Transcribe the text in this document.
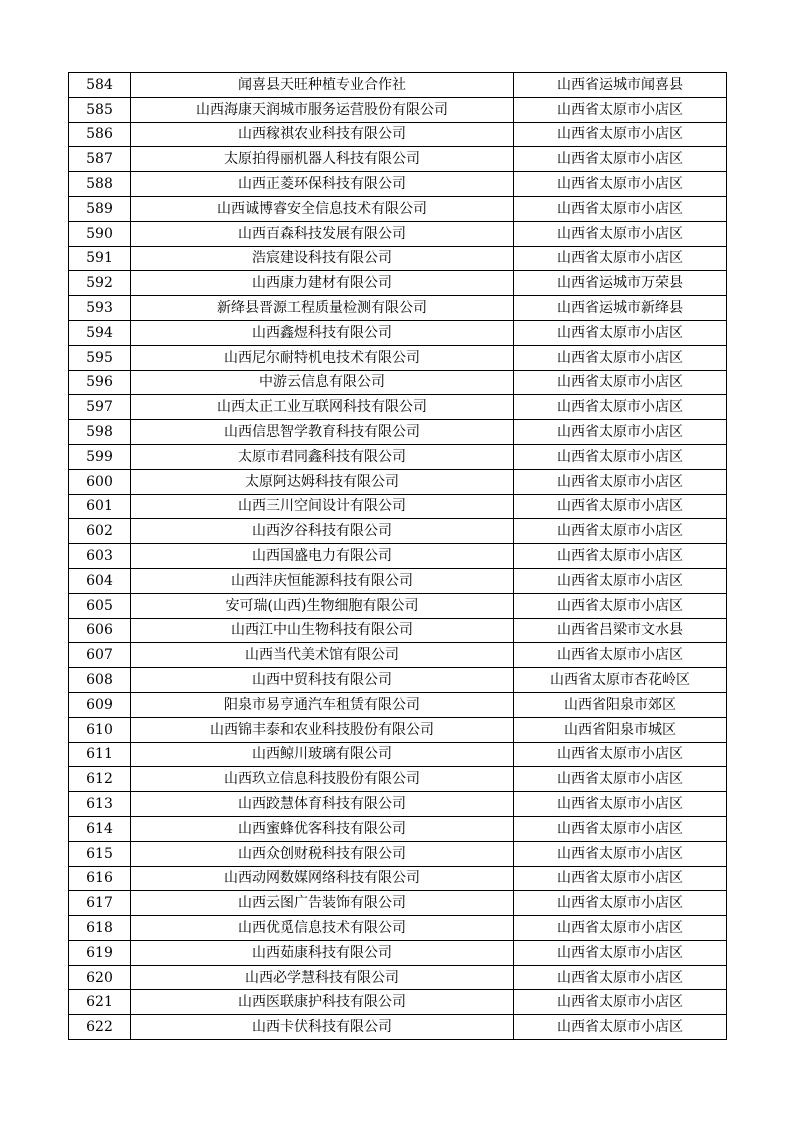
584	闻喜县天旺种植专业合作社	山西省运城市闻喜县
585	山西海康天润城市服务运营股份有限公司	山西省太原市小店区
586	山西稼祺农业科技有限公司	山西省太原市小店区
587	太原拍得丽机器人科技有限公司	山西省太原市小店区
588	山西正菱环保科技有限公司	山西省太原市小店区
589	山西诚博睿安全信息技术有限公司	山西省太原市小店区
590	山西百森科技发展有限公司	山西省太原市小店区
591	浩宸建设科技有限公司	山西省太原市小店区
592	山西康力建材有限公司	山西省运城市万荣县
593	新绛县晋源工程质量检测有限公司	山西省运城市新绛县
594	山西鑫煜科技有限公司	山西省太原市小店区
595	山西尼尔耐特机电技术有限公司	山西省太原市小店区
596	中游云信息有限公司	山西省太原市小店区
597	山西太正工业互联网科技有限公司	山西省太原市小店区
598	山西信思智学教育科技有限公司	山西省太原市小店区
599	太原市君同鑫科技有限公司	山西省太原市小店区
600	太原阿达姆科技有限公司	山西省太原市小店区
601	山西三川空间设计有限公司	山西省太原市小店区
602	山西汐谷科技有限公司	山西省太原市小店区
603	山西国盛电力有限公司	山西省太原市小店区
604	山西沣庆恒能源科技有限公司	山西省太原市小店区
605	安可瑞(山西)生物细胞有限公司	山西省太原市小店区
606	山西江中山生物科技有限公司	山西省吕梁市文水县
607	山西当代美术馆有限公司	山西省太原市小店区
608	山西中贸科技有限公司	山西省太原市杏花岭区
609	阳泉市易亨通汽车租赁有限公司	山西省阳泉市郊区
610	山西锦丰泰和农业科技股份有限公司	山西省阳泉市城区
611	山西鲸川玻璃有限公司	山西省太原市小店区
612	山西玖立信息科技股份有限公司	山西省太原市小店区
613	山西跤慧体育科技有限公司	山西省太原市小店区
614	山西蜜蜂优客科技有限公司	山西省太原市小店区
615	山西众创财税科技有限公司	山西省太原市小店区
616	山西动网数媒网络科技有限公司	山西省太原市小店区
617	山西云图广告装饰有限公司	山西省太原市小店区
618	山西优觅信息技术有限公司	山西省太原市小店区
619	山西茹康科技有限公司	山西省太原市小店区
620	山西必学慧科技有限公司	山西省太原市小店区
621	山西医联康护科技有限公司	山西省太原市小店区
622	山西卡伏科技有限公司	山西省太原市小店区
